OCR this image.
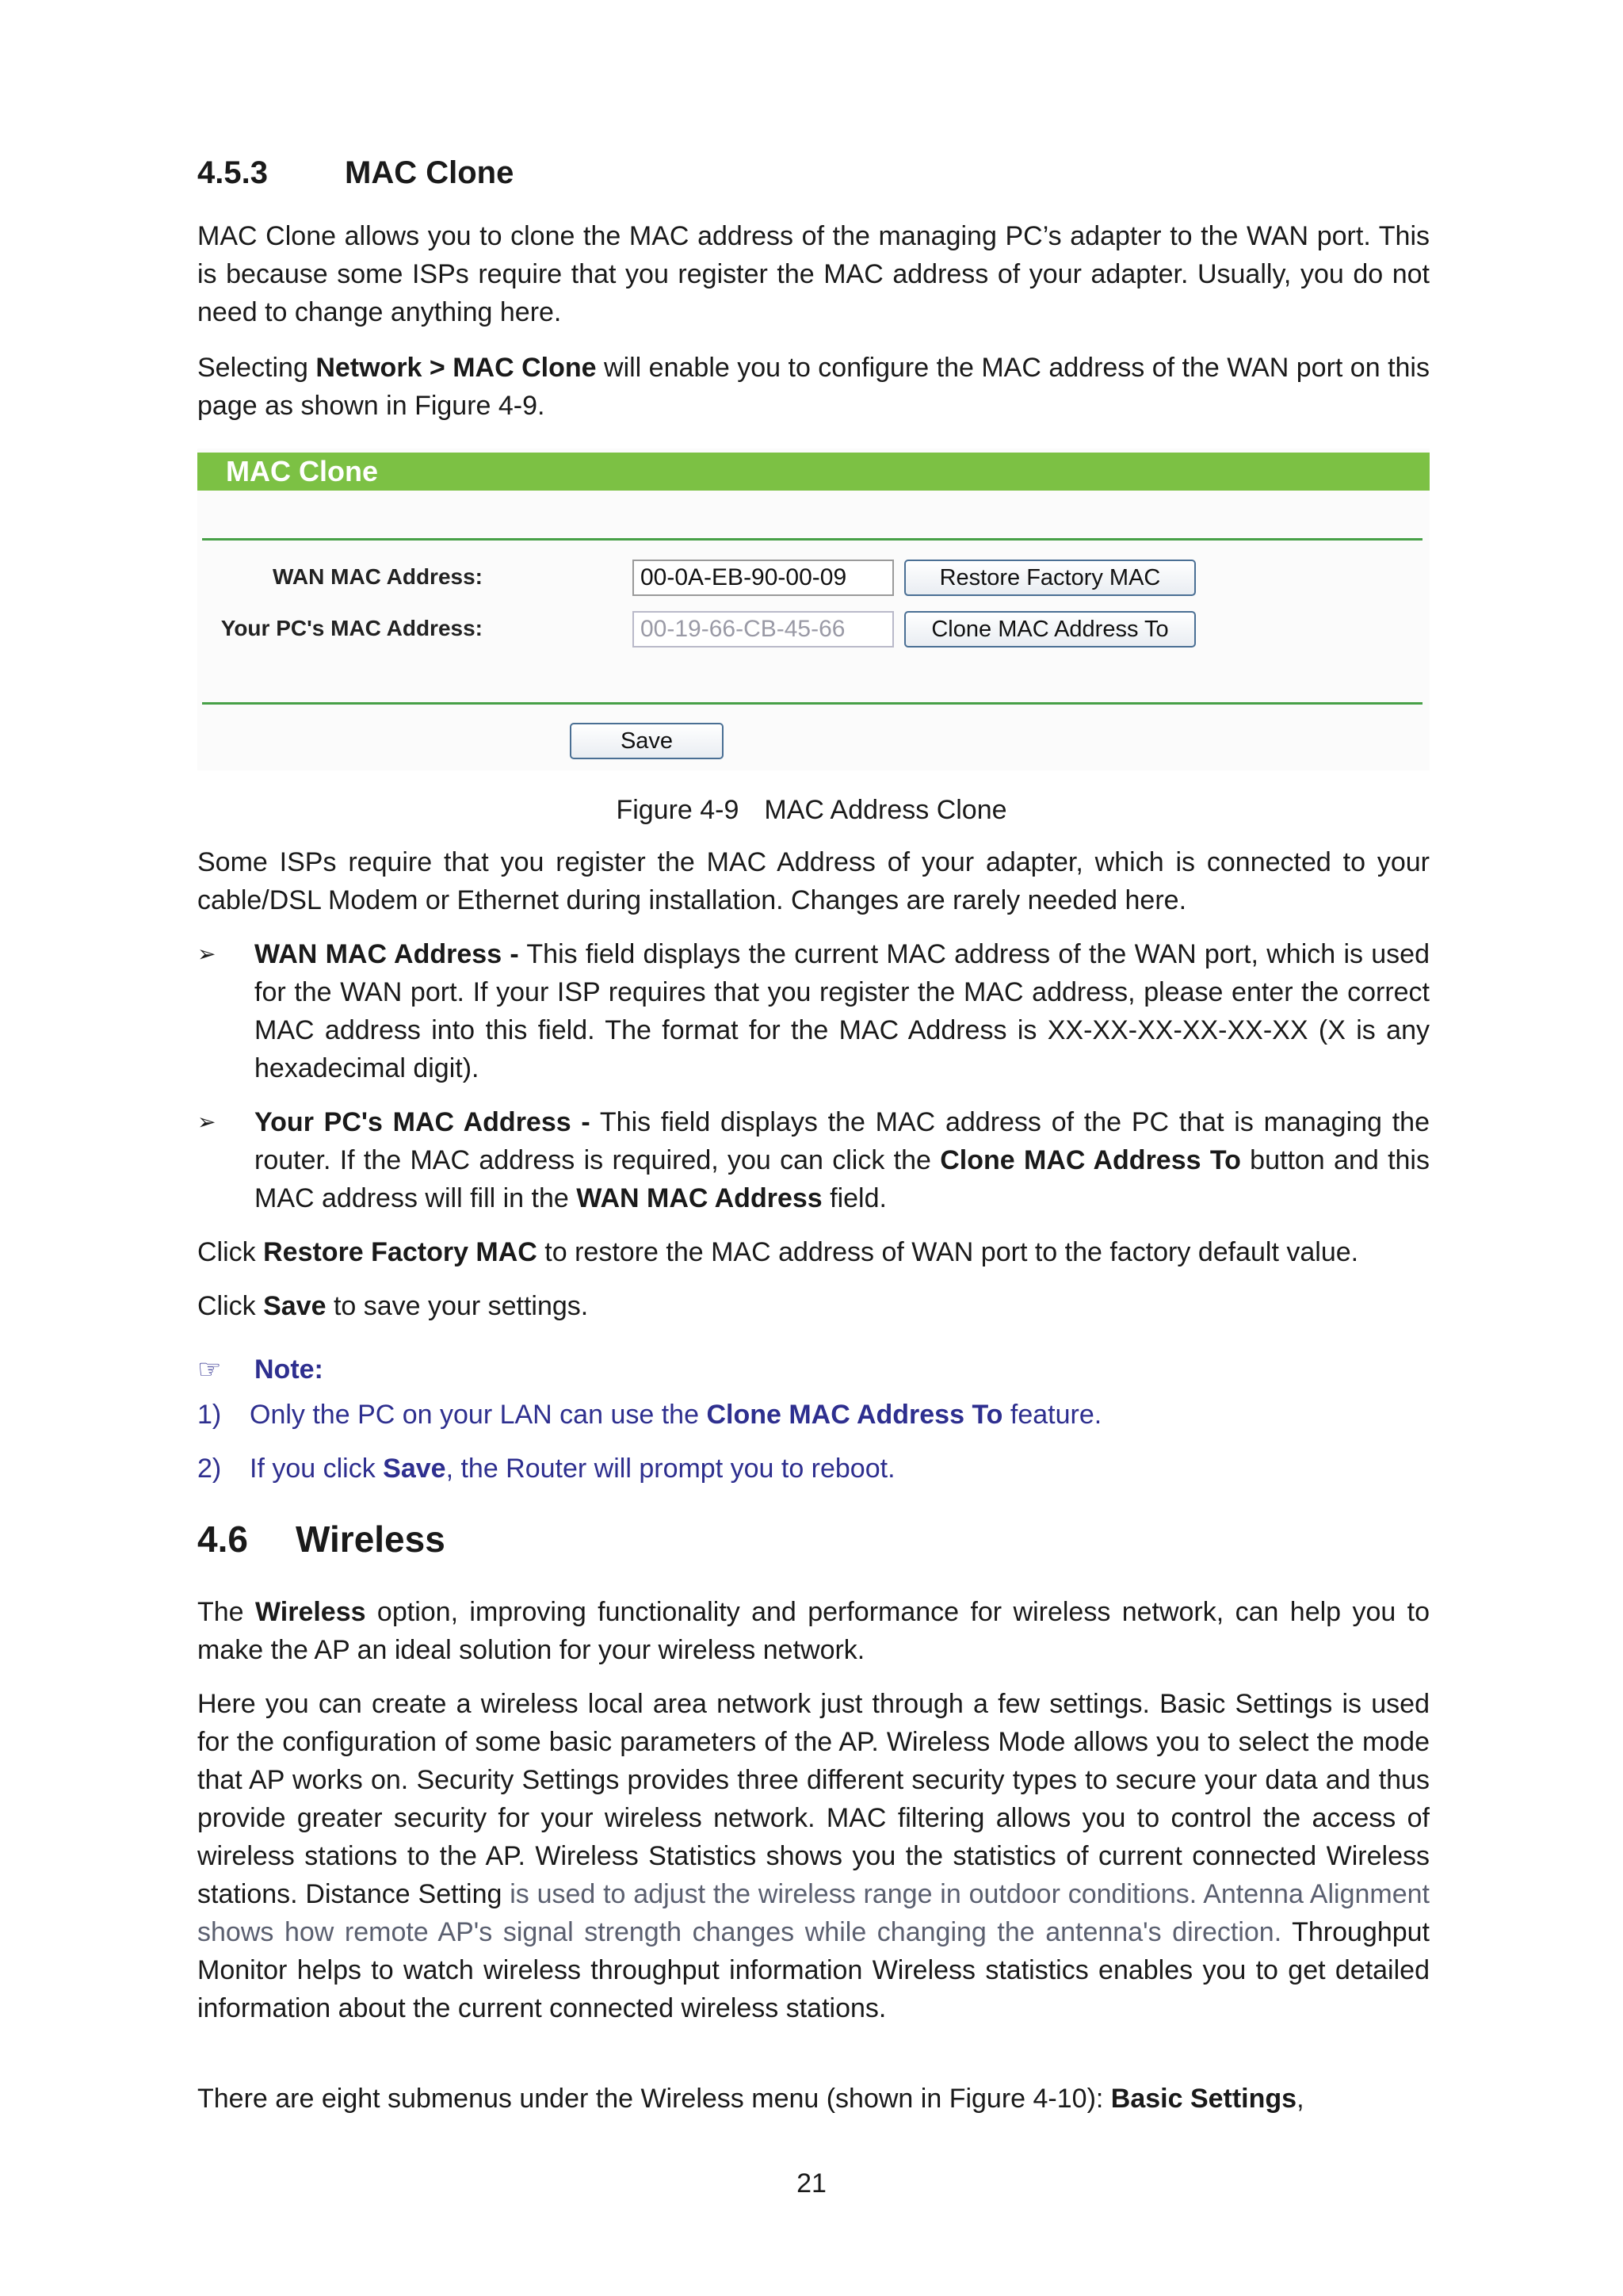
4.5.3 MAC Clone

MAC Clone allows you to clone the MAC address of the managing PC’s adapter to the WAN port. This is because some ISPs require that you register the MAC address of your adapter. Usually, you do not need to change anything here.

Selecting Network > MAC Clone will enable you to configure the MAC address of the WAN port on this page as shown in Figure 4-9.

MAC Clone
WAN MAC Address:	00-0A-EB-90-00-09	Restore Factory MAC
Your PC's MAC Address:	00-19-66-CB-45-66	Clone MAC Address To
Save
Figure 4-9 MAC Address Clone

Some ISPs require that you register the MAC Address of your adapter, which is connected to your cable/DSL Modem or Ethernet during installation. Changes are rarely needed here.

➢ WAN MAC Address - This field displays the current MAC address of the WAN port, which is used for the WAN port. If your ISP requires that you register the MAC address, please enter the correct MAC address into this field. The format for the MAC Address is XX-XX-XX-XX-XX-XX (X is any hexadecimal digit).

➢ Your PC's MAC Address - This field displays the MAC address of the PC that is managing the router. If the MAC address is required, you can click the Clone MAC Address To button and this MAC address will fill in the WAN MAC Address field.

Click Restore Factory MAC to restore the MAC address of WAN port to the factory default value.

Click Save to save your settings.

☞ Note:
1) Only the PC on your LAN can use the Clone MAC Address To feature.
2) If you click Save, the Router will prompt you to reboot.
4.6 Wireless

The Wireless option, improving functionality and performance for wireless network, can help you to make the AP an ideal solution for your wireless network.

Here you can create a wireless local area network just through a few settings. Basic Settings is used for the configuration of some basic parameters of the AP. Wireless Mode allows you to select the mode that AP works on. Security Settings provides three different security types to secure your data and thus provide greater security for your wireless network. MAC filtering allows you to control the access of wireless stations to the AP. Wireless Statistics shows you the statistics of current connected Wireless stations. Distance Setting is used to adjust the wireless range in outdoor conditions. Antenna Alignment shows how remote AP's signal strength changes while changing the antenna's direction. Throughput Monitor helps to watch wireless throughput information Wireless statistics enables you to get detailed information about the current connected wireless stations.

There are eight submenus under the Wireless menu (shown in Figure 4-10): Basic Settings,

21
